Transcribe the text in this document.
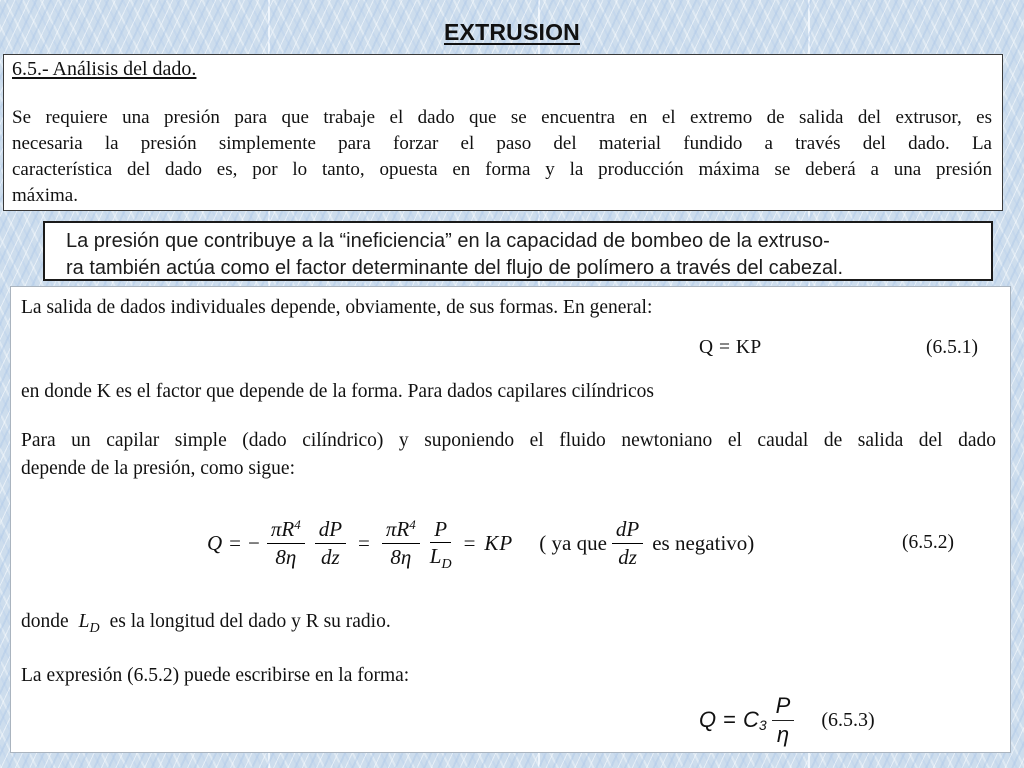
EXTRUSION
6.5.- Análisis del dado.
Se requiere una presión para que trabaje el dado que se encuentra en el extremo de salida del extrusor, es
necesaria la presión simplemente para forzar el paso del material fundido a través del dado. La
característica del dado es, por lo tanto, opuesta en forma y la producción máxima se deberá a una presión
máxima.
La presión que contribuye a la “ineficiencia” en la capacidad de bombeo de la extruso-
ra también actúa como el factor determinante del flujo de polímero a través del cabezal.

La salida de dados individuales depende, obviamente, de sus formas. En general:

Q = KP	(6.5.1)

en donde K es el factor que depende de la forma. Para dados capilares cilíndricos

Para un capilar simple (dado cilíndrico) y suponiendo el fluido newtoniano el caudal de salida del dado
depende de la presión, como sigue:
Q = − $\frac{\pi R^4}{8\eta} \frac{dP}{dz} = \frac{\pi R^4}{8\eta} \frac{P}{L_D}$ = KP ( ya que $\frac{dP}{dz}$ es negativo)	(6.5.2)

donde $L_D$ es la longitud del dado y R su radio.

La expresión (6.5.2) puede escribirse en la forma:

Q = C $3 \frac{P}{\eta} (6.5.3)$
